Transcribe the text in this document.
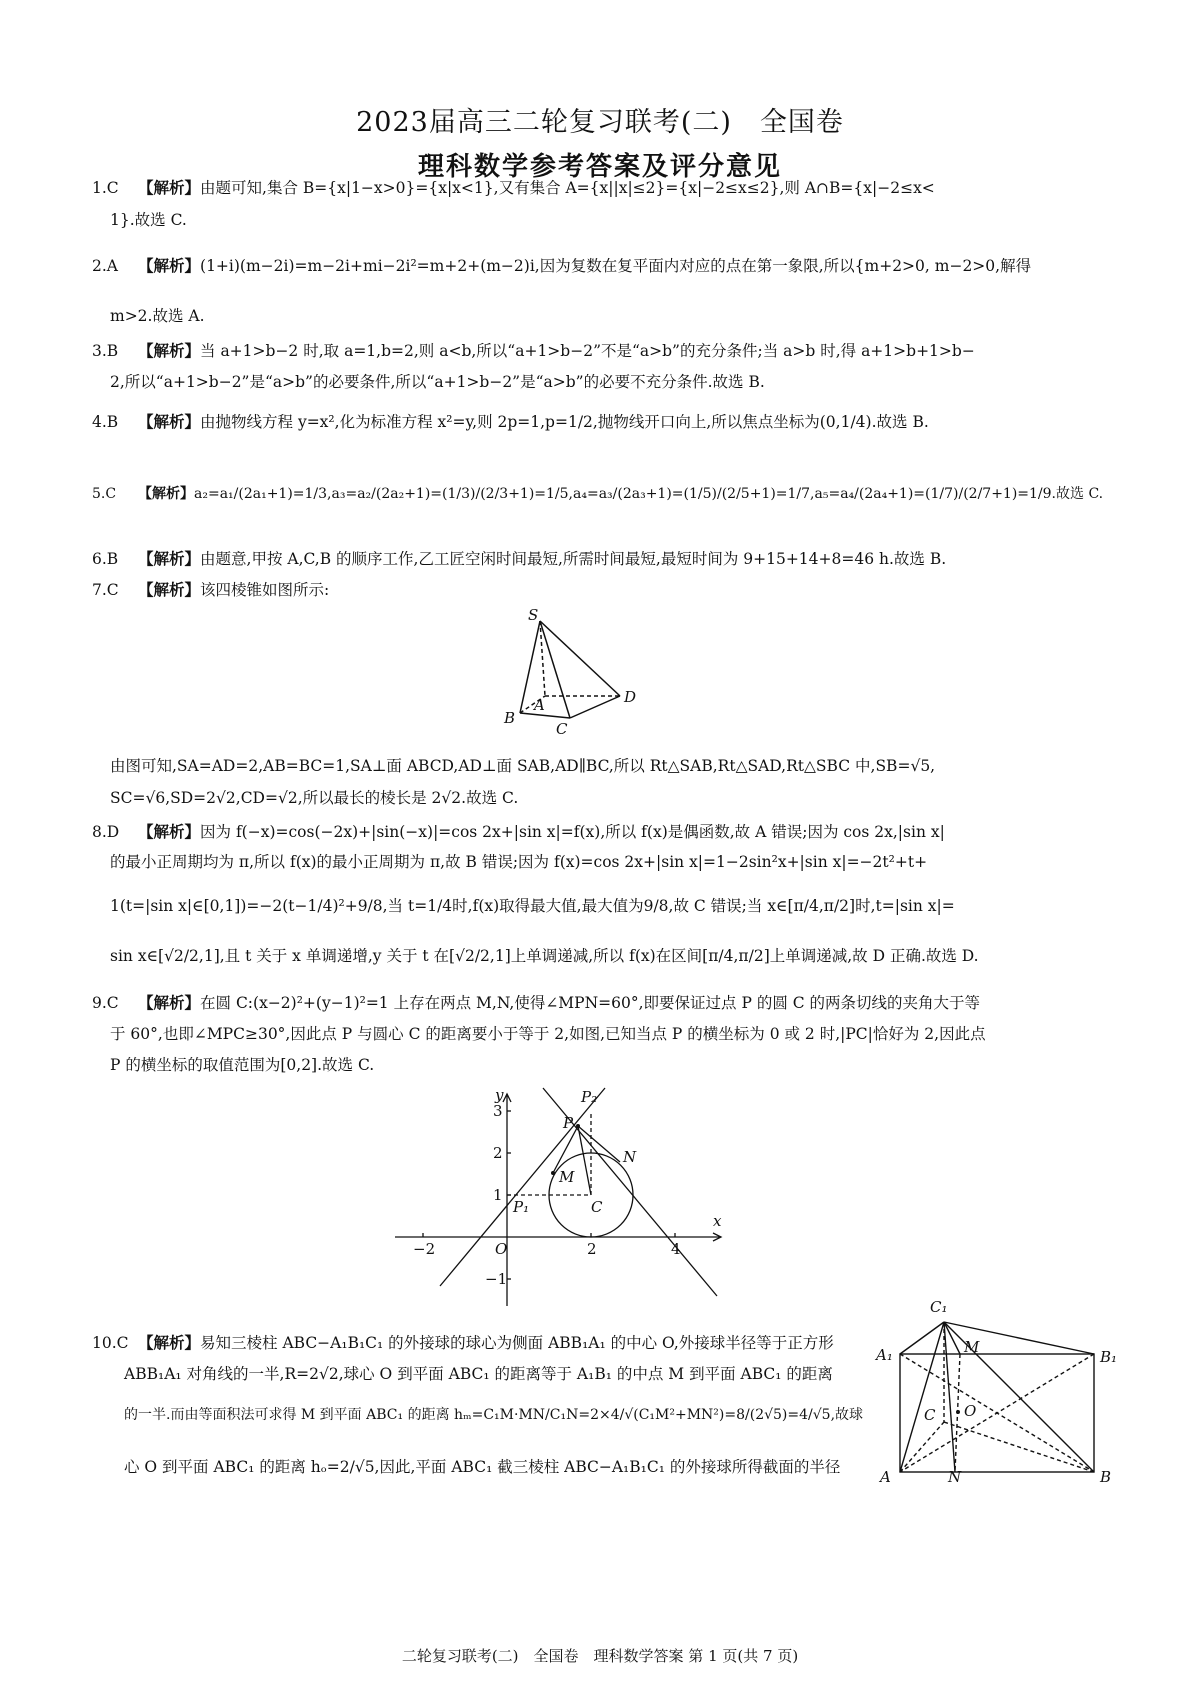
2023届高三二轮复习联考(二)　全国卷
理科数学参考答案及评分意见
1.C 【解析】由题可知,集合 B={x|1−x>0}={x|x<1},又有集合 A={x||x|≤2}={x|−2≤x≤2},则 A∩B={x|−2≤x<
1}.故选 C.
2.A 【解析】(1+i)(m−2i)=m−2i+mi−2i²=m+2+(m−2)i,因为复数在复平面内对应的点在第一象限,所以{m+2>0, m−2>0,解得
m>2.故选 A.
3.B 【解析】当 a+1>b−2 时,取 a=1,b=2,则 a<b,所以“a+1>b−2”不是“a>b”的充分条件;当 a>b 时,得 a+1>b+1>b−
2,所以“a+1>b−2”是“a>b”的必要条件,所以“a+1>b−2”是“a>b”的必要不充分条件.故选 B.
4.B 【解析】由抛物线方程 y=x²,化为标准方程 x²=y,则 2p=1,p=1/2,抛物线开口向上,所以焦点坐标为(0,1/4).故选 B.
5.C 【解析】a₂=a₁/(2a₁+1)=1/3,a₃=a₂/(2a₂+1)=(1/3)/(2/3+1)=1/5,a₄=a₃/(2a₃+1)=(1/5)/(2/5+1)=1/7,a₅=a₄/(2a₄+1)=(1/7)/(2/7+1)=1/9.故选 C.
6.B 【解析】由题意,甲按 A,C,B 的顺序工作,乙工匠空闲时间最短,所需时间最短,最短时间为 9+15+14+8=46 h.故选 B.
7.C 【解析】该四棱锥如图所示:
S
B
A
C
D
由图可知,SA=AD=2,AB=BC=1,SA⊥面 ABCD,AD⊥面 SAB,AD∥BC,所以 Rt△SAB,Rt△SAD,Rt△SBC 中,SB=√5,
SC=√6,SD=2√2,CD=√2,所以最长的棱长是 2√2.故选 C.
8.D 【解析】因为 f(−x)=cos(−2x)+|sin(−x)|=cos 2x+|sin x|=f(x),所以 f(x)是偶函数,故 A 错误;因为 cos 2x,|sin x|
的最小正周期均为 π,所以 f(x)的最小正周期为 π,故 B 错误;因为 f(x)=cos 2x+|sin x|=1−2sin²x+|sin x|=−2t²+t+
1(t=|sin x|∈[0,1])=−2(t−1/4)²+9/8,当 t=1/4时,f(x)取得最大值,最大值为9/8,故 C 错误;当 x∈[π/4,π/2]时,t=|sin x|=
sin x∈[√2/2,1],且 t 关于 x 单调递增,y 关于 t 在[√2/2,1]上单调递减,所以 f(x)在区间[π/4,π/2]上单调递减,故 D 正确.故选 D.
9.C 【解析】在圆 C:(x−2)²+(y−1)²=1 上存在两点 M,N,使得∠MPN=60°,即要保证过点 P 的圆 C 的两条切线的夹角大于等
于 60°,也即∠MPC≥30°,因此点 P 与圆心 C 的距离要小于等于 2,如图,已知当点 P 的横坐标为 0 或 2 时,|PC|恰好为 2,因此点
P 的横坐标的取值范围为[0,2].故选 C.
y
x
O
P
P₂
P₁
M
N
C
3
2
1
−1
−2	2	4
10.C 【解析】易知三棱柱 ABC−A₁B₁C₁ 的外接球的球心为侧面 ABB₁A₁ 的中心 O,外接球半径等于正方形
ABB₁A₁ 对角线的一半,R=2√2,球心 O 到平面 ABC₁ 的距离等于 A₁B₁ 的中点 M 到平面 ABC₁ 的距离
的一半.而由等面积法可求得 M 到平面 ABC₁ 的距离 hₘ=C₁M·MN/C₁N=2×4/√(C₁M²+MN²)=8/(2√5)=4/√5,故球
心 O 到平面 ABC₁ 的距离 hₒ=2/√5,因此,平面 ABC₁ 截三棱柱 ABC−A₁B₁C₁ 的外接球所得截面的半径
C₁
A₁	B₁
M
C O
A	N	B
二轮复习联考(二)　全国卷　理科数学答案 第 1 页(共 7 页)
